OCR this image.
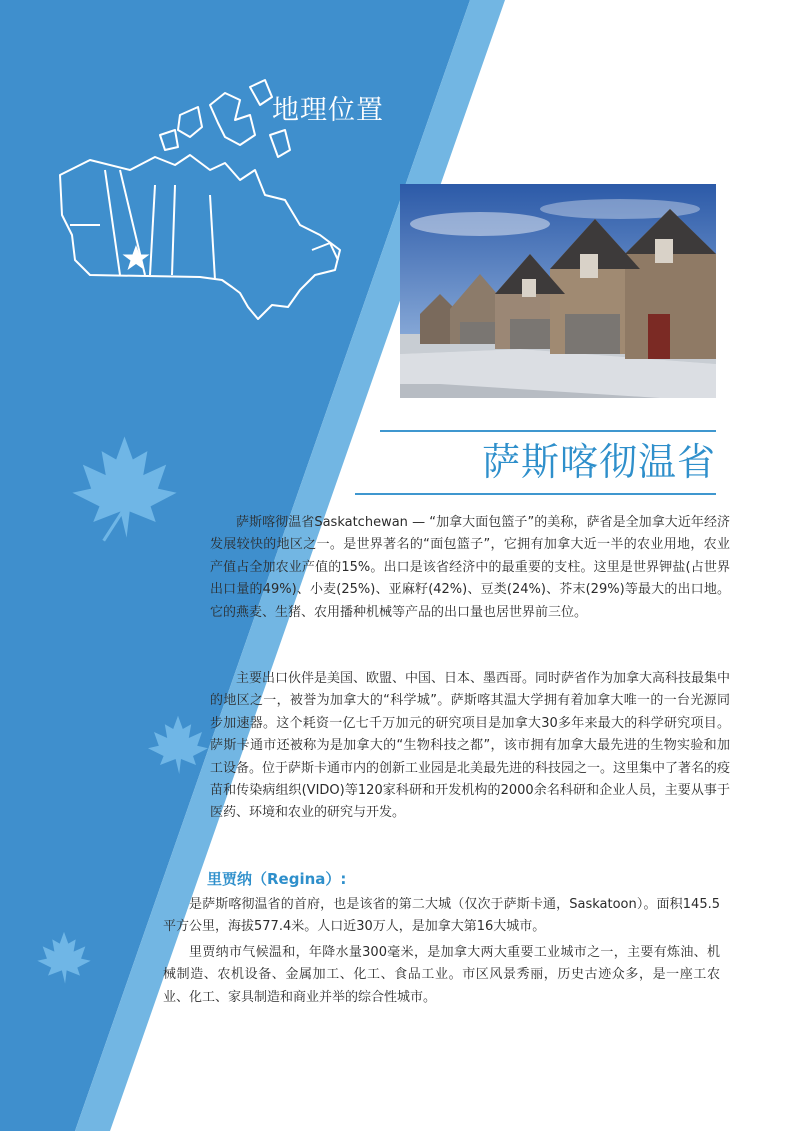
地理位置
萨斯喀彻温省

萨斯喀彻温省Saskatchewan — “加拿大面包篮子”的美称，萨省是全加拿大近年经济发展较快的地区之一。是世界著名的“面包篮子”，它拥有加拿大近一半的农业用地，农业产值占全加农业产值的15%。出口是该省经济中的最重要的支柱。这里是世界钾盐(占世界出口量的49%)、小麦(25%)、亚麻籽(42%)、豆类(24%)、芥末(29%)等最大的出口地。它的燕麦、生猪、农用播种机械等产品的出口量也居世界前三位。

主要出口伙伴是美国、欧盟、中国、日本、墨西哥。同时萨省作为加拿大高科技最集中的地区之一，被誉为加拿大的“科学城”。萨斯喀其温大学拥有着加拿大唯一的一台光源同步加速器。这个耗资一亿七千万加元的研究项目是加拿大30多年来最大的科学研究项目。萨斯卡通市还被称为是加拿大的“生物科技之都”，该市拥有加拿大最先进的生物实验和加工设备。位于萨斯卡通市内的创新工业园是北美最先进的科技园之一。这里集中了著名的疫苗和传染病组织(VIDO)等120家科研和开发机构的2000余名科研和企业人员，主要从事于医药、环境和农业的研究与开发。

里贾纳（Regina）:

是萨斯喀彻温省的首府，也是该省的第二大城（仅次于萨斯卡通，Saskatoon）。面积145.5平方公里，海拔577.4米。人口近30万人，是加拿大第16大城市。

里贾纳市气候温和，年降水量300毫米，是加拿大两大重要工业城市之一，主要有炼油、机械制造、农机设备、金属加工、化工、食品工业。市区风景秀丽，历史古迹众多，是一座工农业、化工、家具制造和商业并举的综合性城市。
